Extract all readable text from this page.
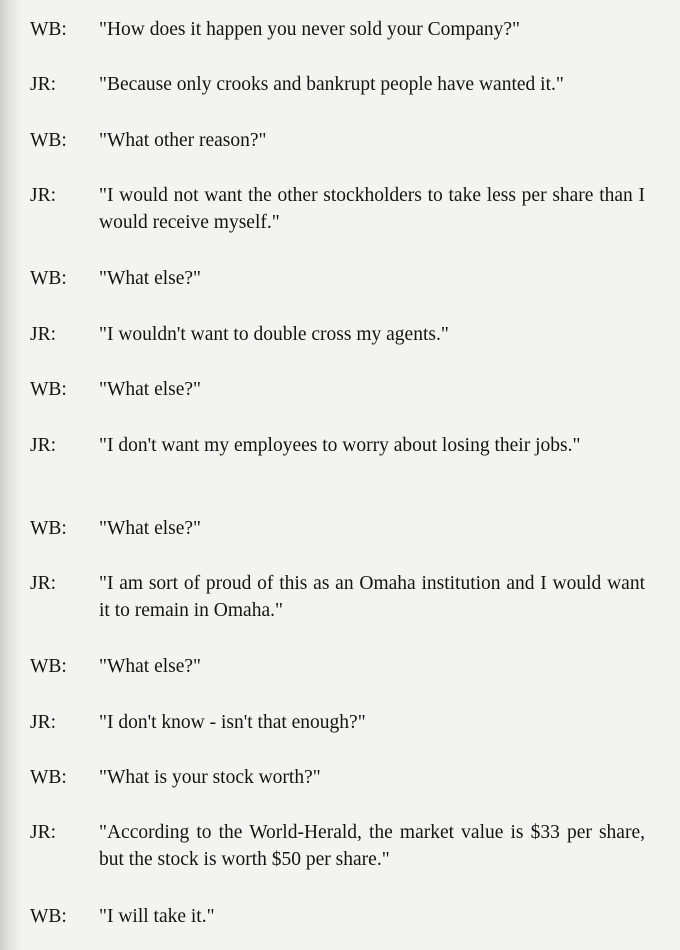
WB: "How does it happen you never sold your Company?"
JR: "Because only crooks and bankrupt people have wanted it."
WB: "What other reason?"
JR: "I would not want the other stockholders to take less per share than I would receive myself."
WB: "What else?"
JR: "I wouldn't want to double cross my agents."
WB: "What else?"
JR: "I don't want my employees to worry about losing their jobs."
WB: "What else?"
JR: "I am sort of proud of this as an Omaha institution and I would want it to remain in Omaha."
WB: "What else?"
JR: "I don't know - isn't that enough?"
WB: "What is your stock worth?"
JR: "According to the World-Herald, the market value is $33 per share, but the stock is worth $50 per share."
WB: "I will take it."
